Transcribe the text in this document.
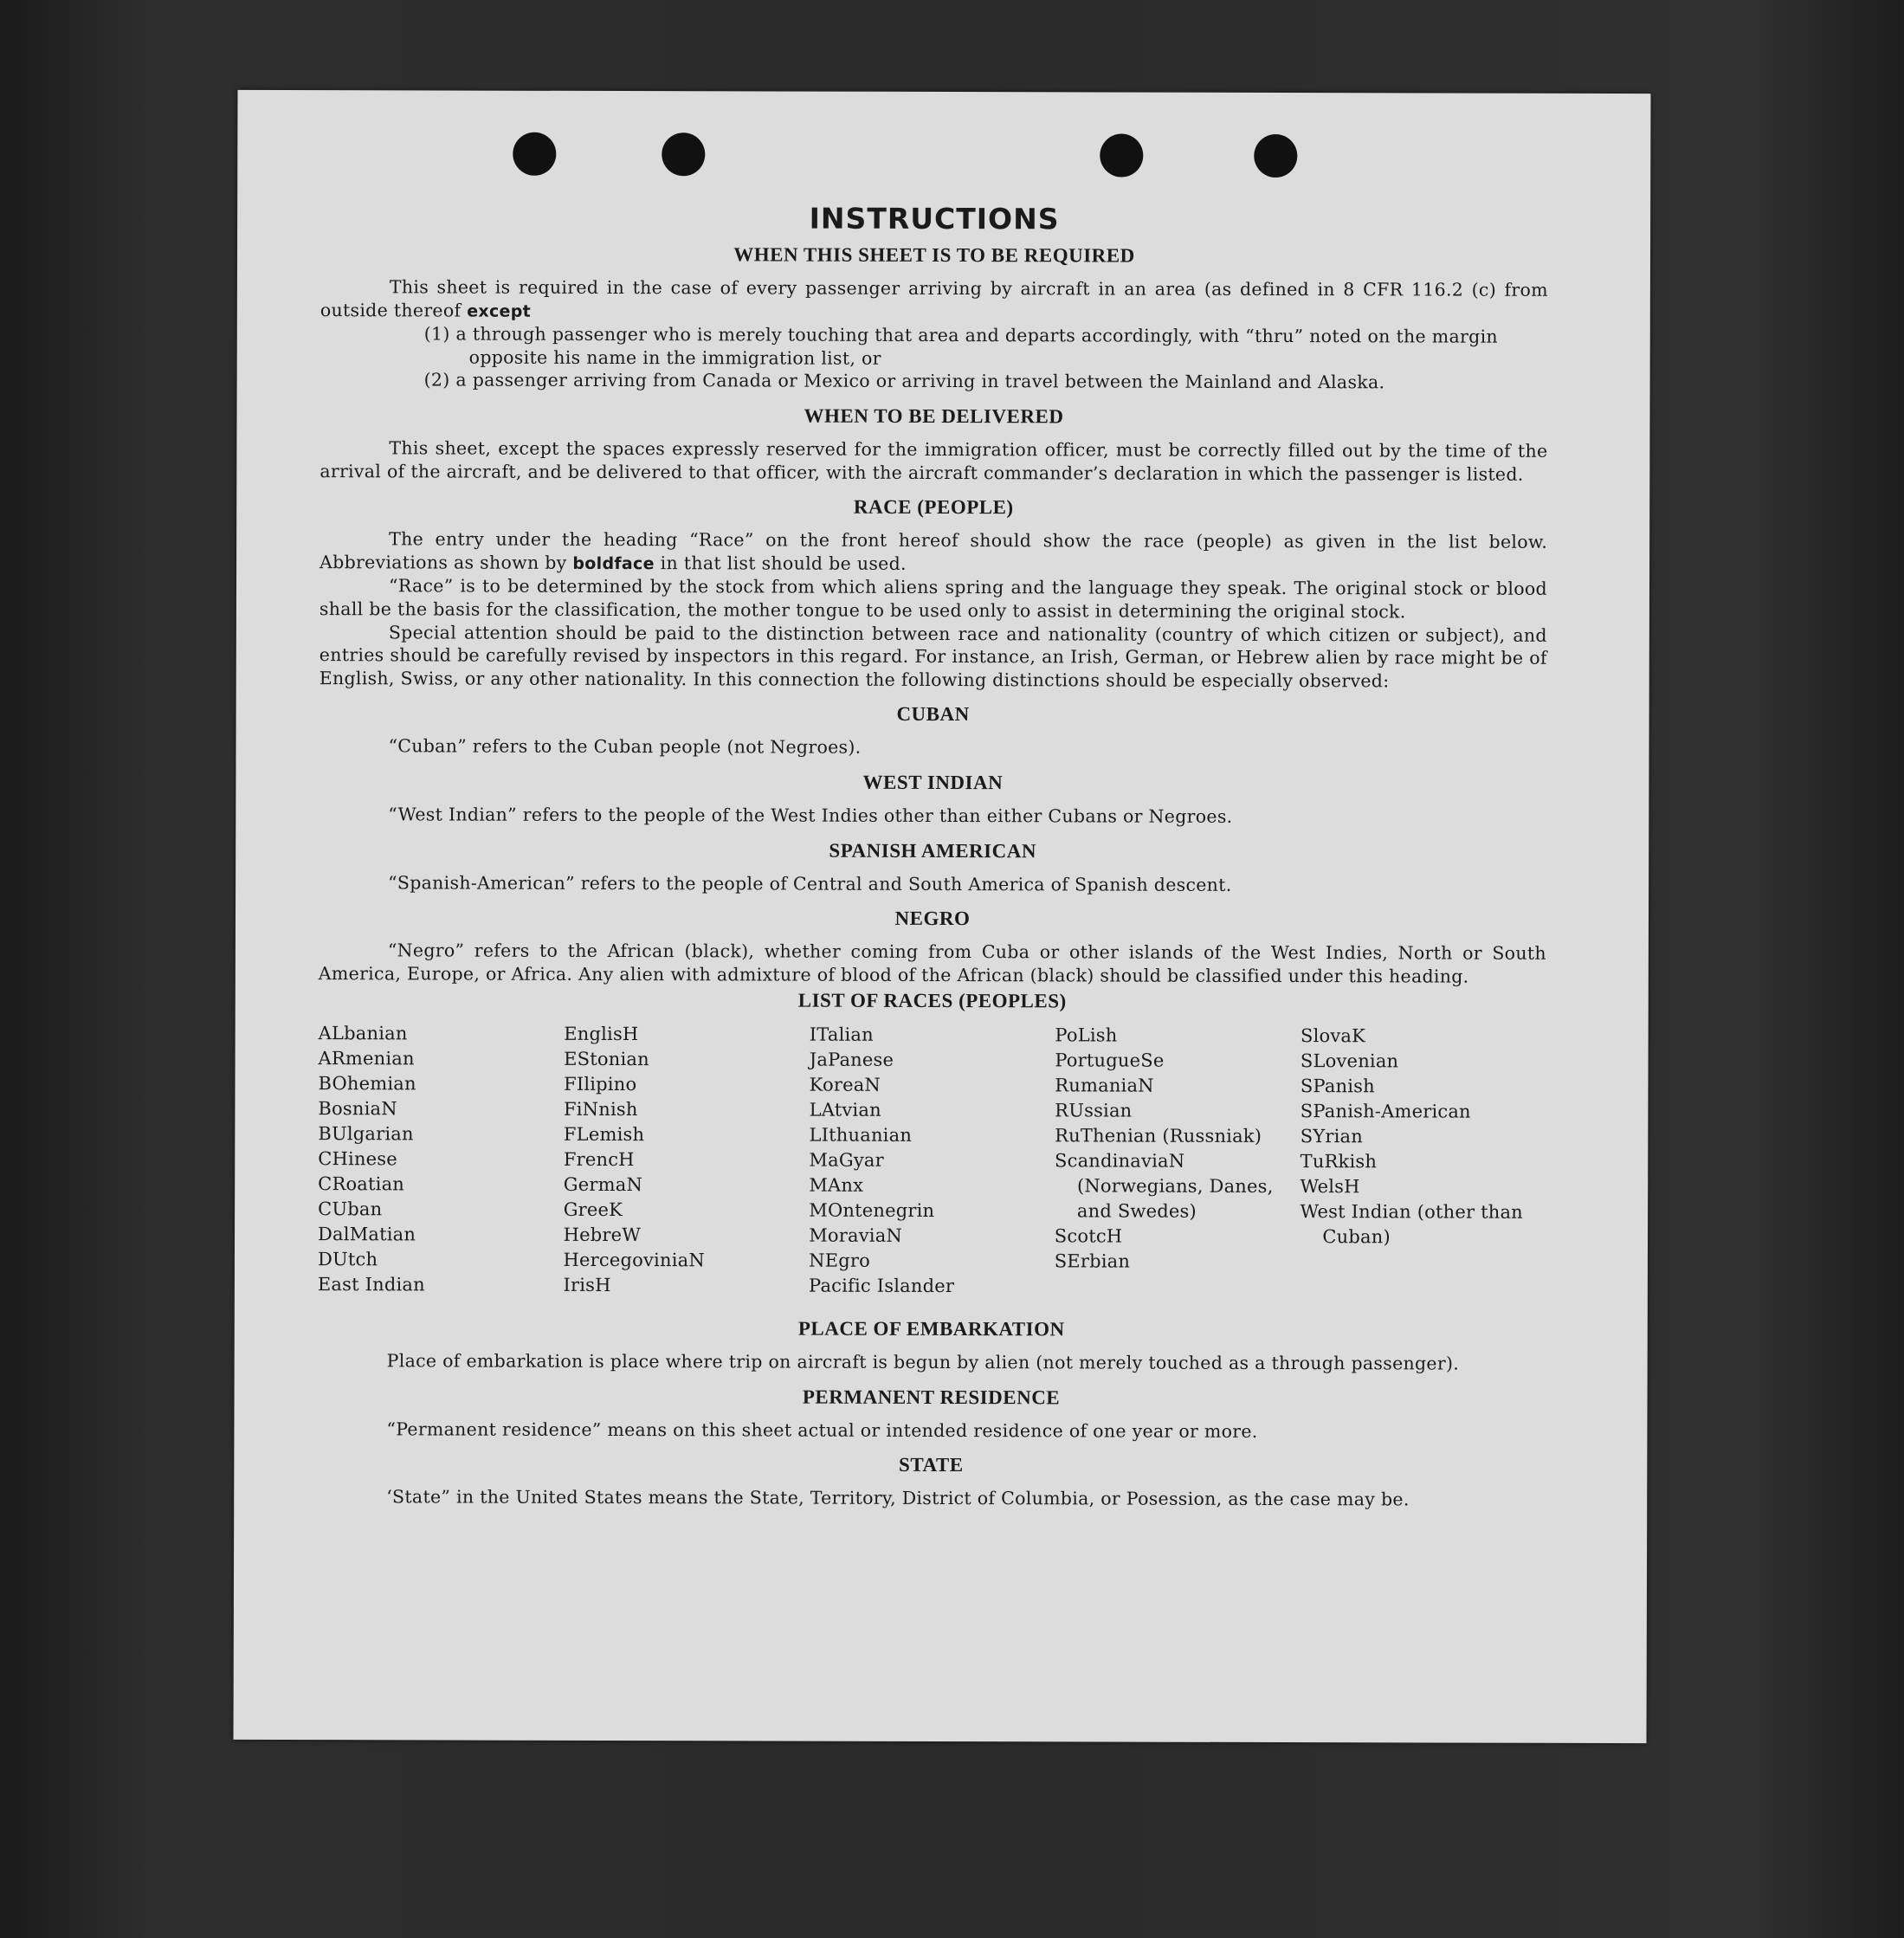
INSTRUCTIONS
WHEN THIS SHEET IS TO BE REQUIRED

This sheet is required in the case of every passenger arriving by aircraft in an area (as defined in 8 CFR 116.2 (c) from outside thereof except

(1) a through passenger who is merely touching that area and departs accordingly, with “thru” noted on the margin opposite his name in the immigration list, or
(2) a passenger arriving from Canada or Mexico or arriving in travel between the Mainland and Alaska.
WHEN TO BE DELIVERED

This sheet, except the spaces expressly reserved for the immigration officer, must be correctly filled out by the time of the arrival of the aircraft, and be delivered to that officer, with the aircraft commander’s declaration in which the passenger is listed.

RACE (PEOPLE)

The entry under the heading “Race” on the front hereof should show the race (people) as given in the list below. Abbreviations as shown by boldface in that list should be used.

“Race” is to be determined by the stock from which aliens spring and the language they speak. The original stock or blood shall be the basis for the classification, the mother tongue to be used only to assist in determining the original stock.

Special attention should be paid to the distinction between race and nationality (country of which citizen or subject), and entries should be carefully revised by inspectors in this regard. For instance, an Irish, German, or Hebrew alien by race might be of English, Swiss, or any other nationality. In this connection the following distinctions should be especially observed:

CUBAN

“Cuban” refers to the Cuban people (not Negroes).

WEST INDIAN

“West Indian” refers to the people of the West Indies other than either Cubans or Negroes.

SPANISH AMERICAN

“Spanish-American” refers to the people of Central and South America of Spanish descent.

NEGRO

“Negro” refers to the African (black), whether coming from Cuba or other islands of the West Indies, North or South America, Europe, or Africa. Any alien with admixture of blood of the African (black) should be classified under this heading.

LIST OF RACES (PEOPLES)
ALbanian
ARmenian
BOhemian
BosniaN
BUlgarian
CHinese
CRoatian
CUban
DalMatian
DUtch
East Indian
EnglisH
EStonian
FIlipino
FiNnish
FLemish
FrencH
GermaN
GreeK
HebreW
HercegoviniaN
IrisH
ITalian
JaPanese
KoreaN
LAtvian
LIthuanian
MaGyar
MAnx
MOntenegrin
MoraviaN
NEgro
Pacific Islander
PoLish
PortugueSe
RumaniaN
RUssian
RuThenian (Russniak)
ScandinaviaN (Norwegians, Danes, and Swedes)
ScotcH
SErbian
SlovaK
SLovenian
SPanish
SPanish-American
SYrian
TuRkish
WelsH
West Indian (other than Cuban)
PLACE OF EMBARKATION

Place of embarkation is place where trip on aircraft is begun by alien (not merely touched as a through passenger).

PERMANENT RESIDENCE

“Permanent residence” means on this sheet actual or intended residence of one year or more.

STATE

‘State” in the United States means the State, Territory, District of Columbia, or Posession, as the case may be.
